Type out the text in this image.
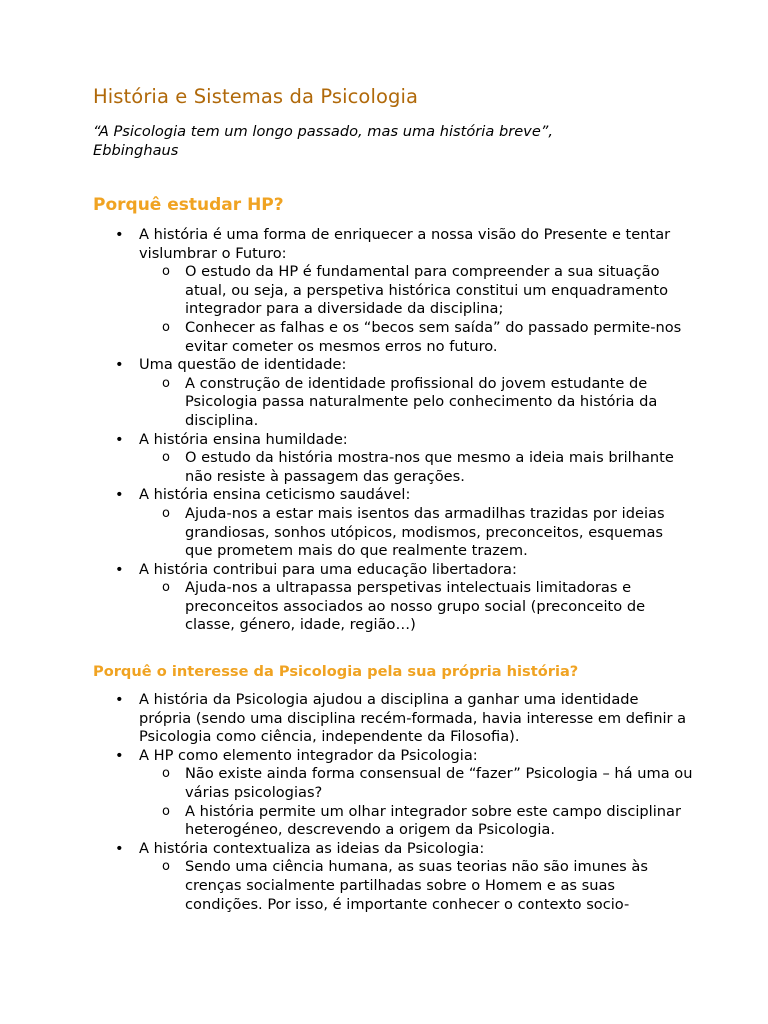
História e Sistemas da Psicologia

“A Psicologia tem um longo passado, mas uma história breve”, Ebbinghaus

Porquê estudar HP?
• A história é uma forma de enriquecer a nossa visão do Presente e tentar vislumbrar o Futuro:
o O estudo da HP é fundamental para compreender a sua situação atual, ou seja, a perspetiva histórica constitui um enquadramento integrador para a diversidade da disciplina;
o Conhecer as falhas e os “becos sem saída” do passado permite-nos evitar cometer os mesmos erros no futuro.
• Uma questão de identidade:
o A construção de identidade profissional do jovem estudante de Psicologia passa naturalmente pelo conhecimento da história da disciplina.
• A história ensina humildade:
o O estudo da história mostra-nos que mesmo a ideia mais brilhante não resiste à passagem das gerações.
• A história ensina ceticismo saudável:
o Ajuda-nos a estar mais isentos das armadilhas trazidas por ideias grandiosas, sonhos utópicos, modismos, preconceitos, esquemas que prometem mais do que realmente trazem.
• A história contribui para uma educação libertadora:
o Ajuda-nos a ultrapassa perspetivas intelectuais limitadoras e preconceitos associados ao nosso grupo social (preconceito de classe, género, idade, região…)
Porquê o interesse da Psicologia pela sua própria história?
• A história da Psicologia ajudou a disciplina a ganhar uma identidade própria (sendo uma disciplina recém-formada, havia interesse em definir a Psicologia como ciência, independente da Filosofia).
• A HP como elemento integrador da Psicologia:
o Não existe ainda forma consensual de “fazer” Psicologia – há uma ou várias psicologias?
o A história permite um olhar integrador sobre este campo disciplinar heterogéneo, descrevendo a origem da Psicologia.
• A história contextualiza as ideias da Psicologia:
o Sendo uma ciência humana, as suas teorias não são imunes às crenças socialmente partilhadas sobre o Homem e as suas condições. Por isso, é importante conhecer o contexto socio-
